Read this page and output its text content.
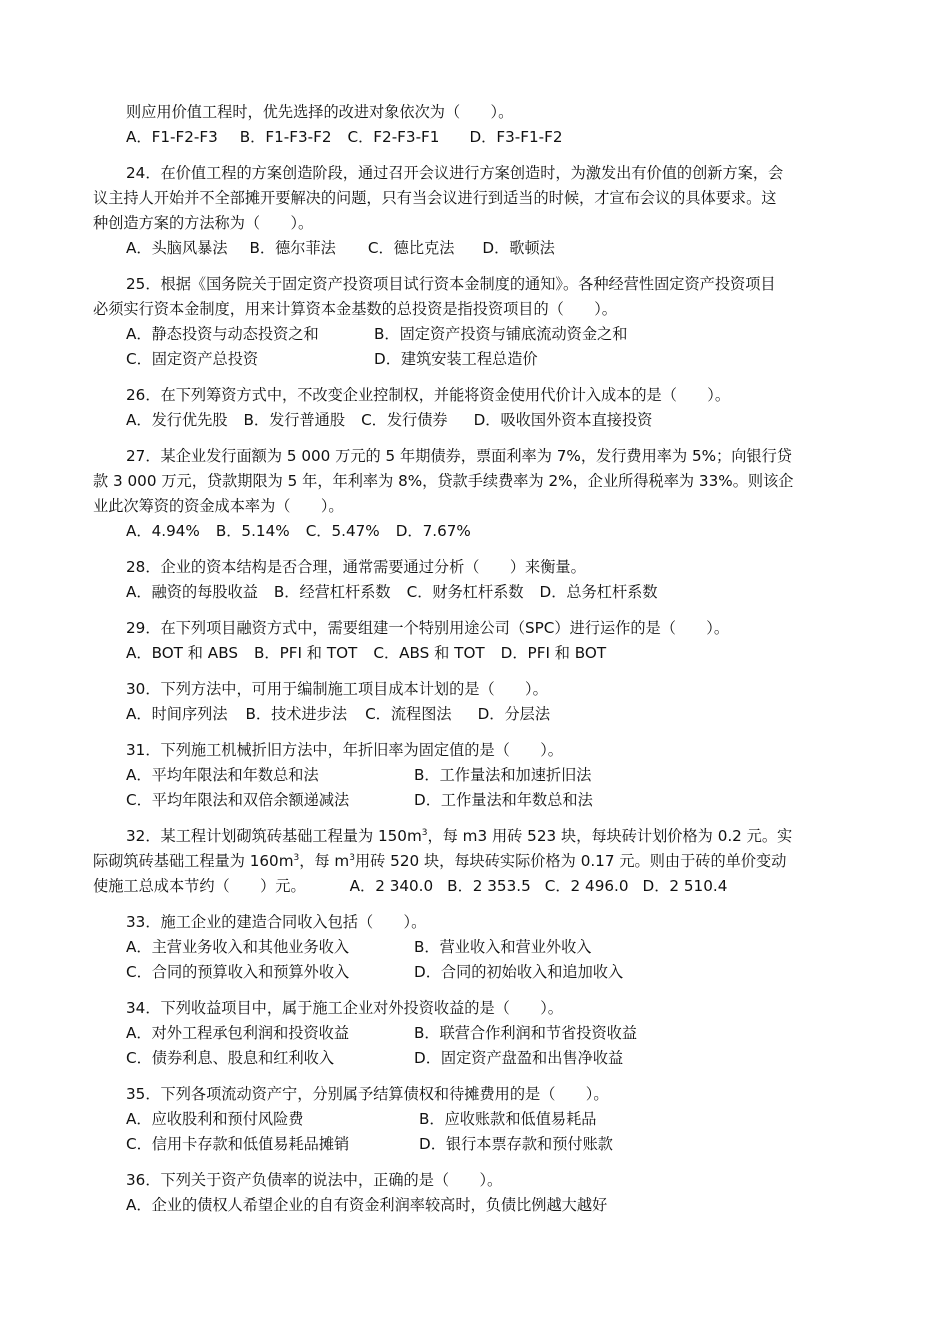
则应用价值工程时，优先选择的改进对象依次为（　　）。
A．F1-F2-F3 B．F1-F3-F2 C．F2-F3-F1 D．F3-F1-F2
24．在价值工程的方案创造阶段，通过召开会议进行方案创造时，为激发出有价值的创新方案，会
议主持人开始并不全部摊开要解决的问题，只有当会议进行到适当的时候，才宣布会议的具体要求。这
种创造方案的方法称为（　　）。
A．头脑风暴法 B．德尔菲法 C．德比克法 D．歌顿法
25．根据《国务院关于固定资产投资项目试行资本金制度的通知》。各种经营性固定资产投资项目
必须实行资本金制度，用来计算资本金基数的总投资是指投资项目的（　　）。
A．静态投资与动态投资之和	B．固定资产投资与铺底流动资金之和
C．固定资产总投资	D．建筑安装工程总造价
26．在下列筹资方式中，不改变企业控制权，并能将资金使用代价计入成本的是（　　）。
A．发行优先股 B．发行普通股 C．发行债券 D．吸收国外资本直接投资
27．某企业发行面额为 5 000 万元的 5 年期债券，票面利率为 7%，发行费用率为 5%；向银行贷
款 3 000 万元，贷款期限为 5 年，年利率为 8%，贷款手续费率为 2%，企业所得税率为 33%。则该企
业此次筹资的资金成本率为（　　）。
A．4.94% B．5.14% C．5.47% D．7.67%
28．企业的资本结构是否合理，通常需要通过分析（　　）来衡量。
A．融资的每股收益 B．经营杠杆系数 C．财务杠杆系数 D．总务杠杆系数
29．在下列项目融资方式中，需要组建一个特别用途公司（SPC）进行运作的是（　　）。
A．BOT 和 ABS B．PFI 和 TOT C．ABS 和 TOT D．PFI 和 BOT
30．下列方法中，可用于编制施工项目成本计划的是（　　）。
A．时间序列法 B．技术进步法 C．流程图法 D．分层法
31．下列施工机械折旧方法中，年折旧率为固定值的是（　　）。
A．平均年限法和年数总和法	B．工作量法和加速折旧法
C．平均年限法和双倍余额递减法	D．工作量法和年数总和法
32．某工程计划砌筑砖基础工程量为 $150m^3$，每 m3 用砖 523 块，每块砖计划价格为 0.2 元。实
际砌筑砖基础工程量为 $160m^3$，每 $m^3$用砖 520 块，每块砖实际价格为 0.17 元。则由于砖的单价变动
使施工总成本节约（　　）元。	A．2 340.0 B．2 353.5 C．2 496.0 D．2 510.4
33．施工企业的建造合同收入包括（　　）。
A．主营业务收入和其他业务收入	B．营业收入和营业外收入
C．合同的预算收入和预算外收入	D．合同的初始收入和追加收入
34．下列收益项目中，属于施工企业对外投资收益的是（　　）。
A．对外工程承包利润和投资收益	B．联营合作利润和节省投资收益
C．债券利息、股息和红利收入	D．固定资产盘盈和出售净收益
35．下列各项流动资产宁，分别属予结算债权和待摊费用的是（　　）。
A．应收股利和预付风险费	B．应收账款和低值易耗品
C．信用卡存款和低值易耗品摊销	D．银行本票存款和预付账款
36．下列关于资产负债率的说法中，正确的是（　　）。
A．企业的债权人希望企业的自有资金利润率较高时，负债比例越大越好
